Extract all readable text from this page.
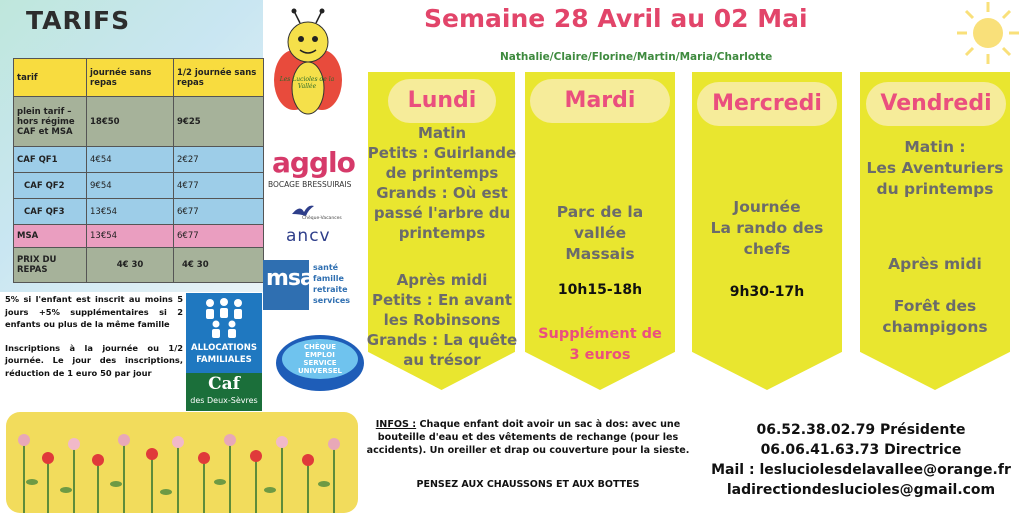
TARIFS
tarif	journée sans repas	1/2 journée sans repas
plein tarif – hors régime CAF et MSA	18€50	9€25
CAF QF1	4€54	2€27
CAF QF2	9€54	4€77
CAF QF3	13€54	6€77
MSA	13€54	6€77
PRIX DU REPAS	4€ 30	4€ 30

5% si l'enfant est inscrit au moins 5 jours +5% supplémentaires si 2 enfants ou plus de la même famille

Inscriptions à la journée ou 1/2 journée. Le jour des inscriptions, réduction de 1 euro 50 par jour

ALLOCATIONS
FAMILIALES
Caf
des Deux-Sèvres
Les Lucioles de la Vallée
agglo
BOCAGE BRESSUIRAIS
Chèque-Vacances
ancv
msa santé
famille
retraite
services
CHÈQUE
EMPLOI
SERVICE
UNIVERSEL
Semaine 28 Avril au 02 Mai
Nathalie/Claire/Florine/Martin/Maria/Charlotte
Lundi
Matin
Petits : Guirlande
de printemps
Grands : Où est
passé l'arbre du
printemps
Après midi
Petits : En avant
les Robinsons
Grands : La quête
au trésor
Mardi
Parc de la
vallée
Massais
10h15-18h
Supplément de
3 euros
Mercredi
Journée
La rando des
chefs
9h30-17h
Vendredi
Matin :
Les Aventuriers
du printemps
Après midi
Forêt des
champigons
INFOS : Chaque enfant doit avoir un sac à dos: avec une bouteille d'eau et des vêtements de rechange (pour les accidents). Un oreiller et drap ou couverture pour la sieste.
PENSEZ AUX CHAUSSONS ET AUX BOTTES
06.52.38.02.79 Présidente
06.06.41.63.73 Directrice
Mail : lesluciolesdelavallee@orange.fr
ladirectiondeslucioles@gmail.com
